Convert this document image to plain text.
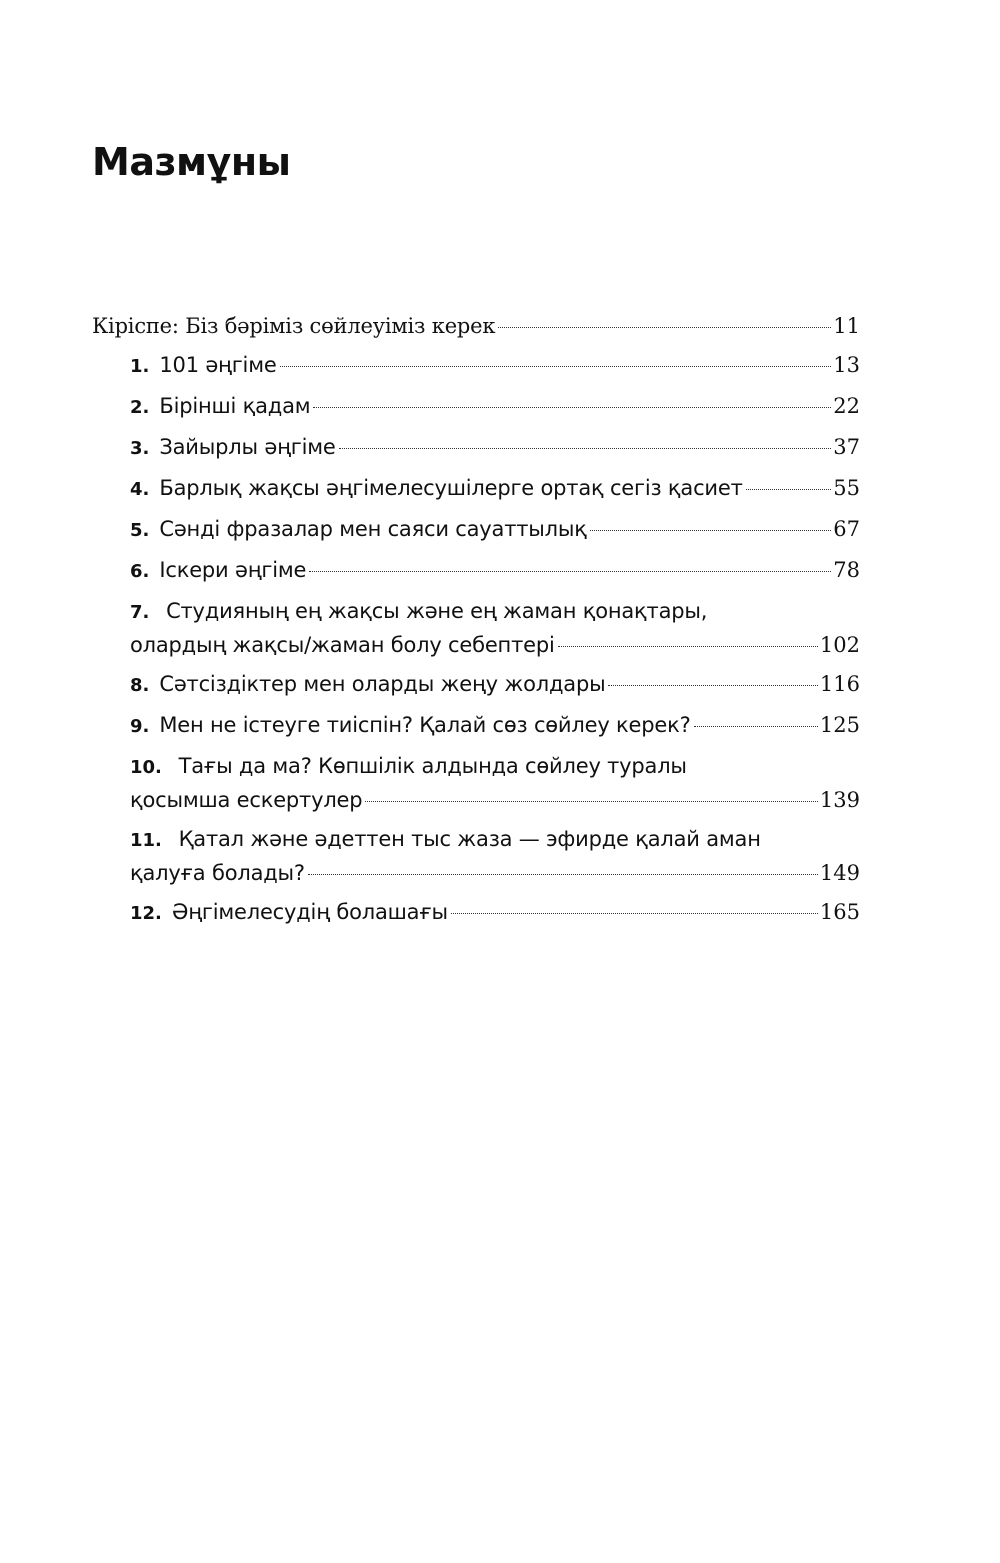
Мазмұны
Кіріспе: Біз бәріміз сөйлеуіміз керек	11
1. 101 әңгіме	13
2. Бірінші қадам	22
3. Зайырлы әңгіме	37
4. Барлық жақсы әңгімелесушілерге ортақ сегіз қасиет	55
5. Сәнді фразалар мен саяси сауаттылық	67
6. Іскери әңгіме	78
7. Студияның ең жақсы және ең жаман қонақтары,
олардың жақсы/жаман болу себептері	102
8. Сәтсіздіктер мен оларды жеңу жолдары	116
9. Мен не істеуге тиіспін? Қалай сөз сөйлеу керек?	125
10. Тағы да ма? Көпшілік алдында сөйлеу туралы
қосымша ескертулер	139
11. Қатал және әдеттен тыс жаза — эфирде қалай аман
қалуға болады?	149
12. Әңгімелесудің болашағы	165
